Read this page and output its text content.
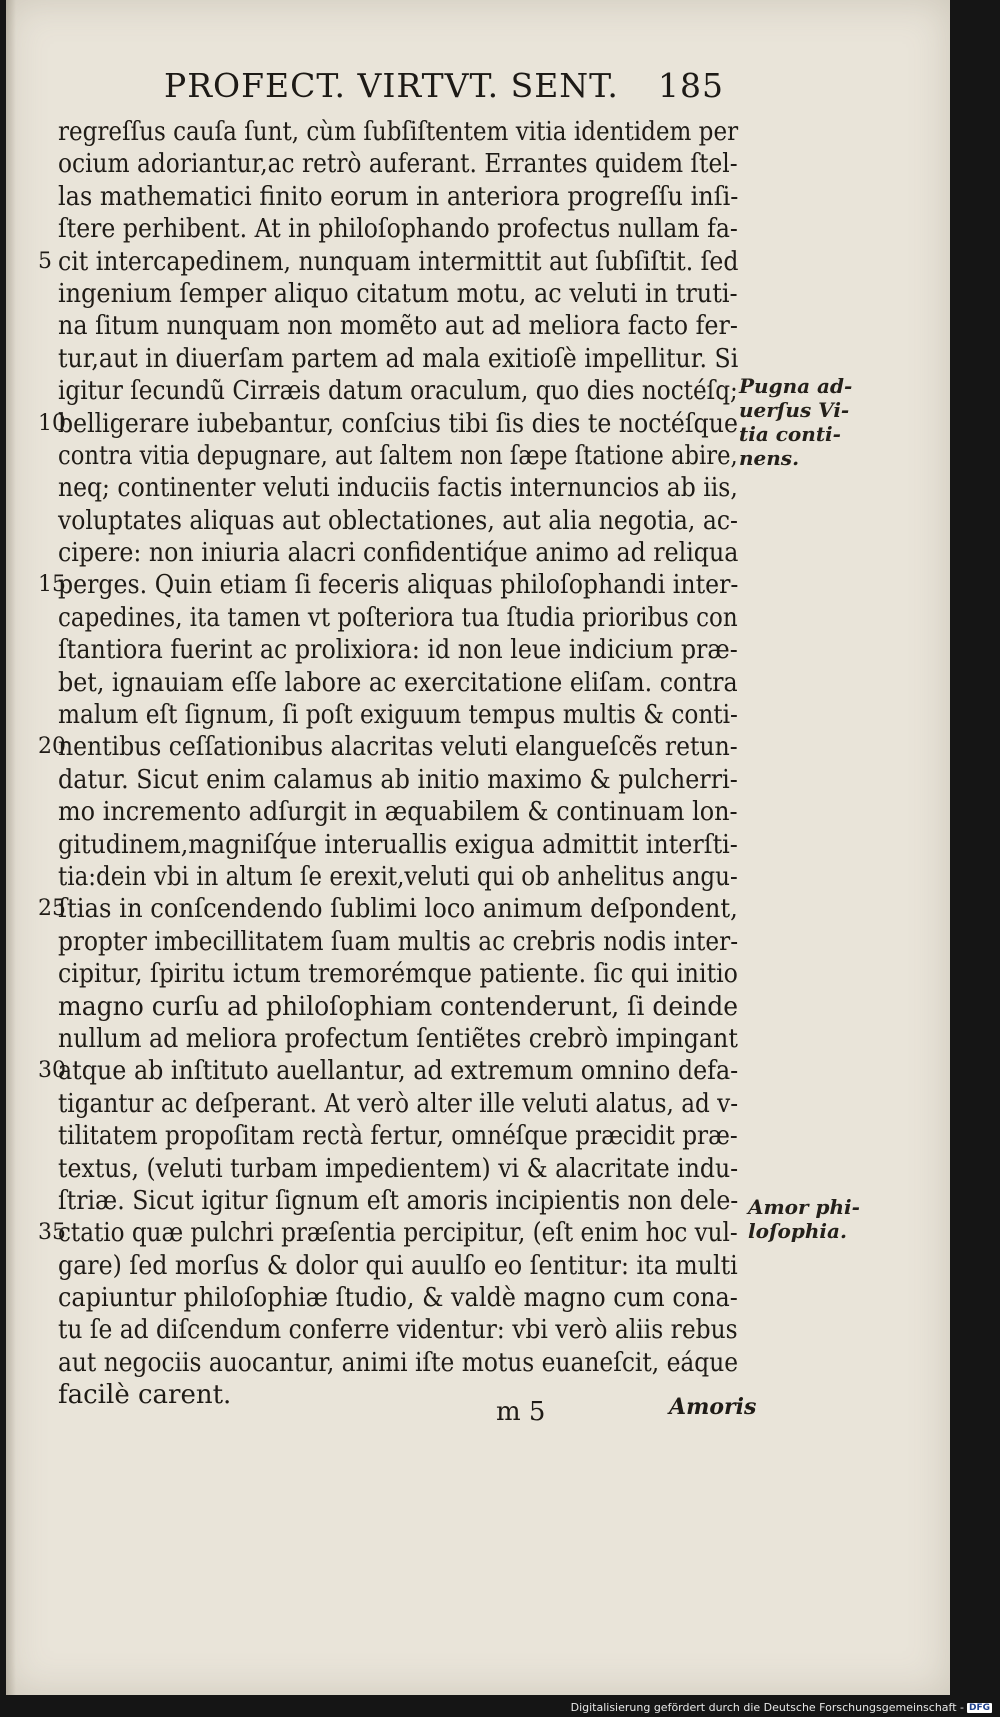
PROFECT. VIRTVT. SENT. 185
regreſſus cauſa ſunt, cùm ſubſiſtentem vitia identidem per
ocium adoriantur,ac retrò auferant. Errantes quidem ſtel-
las mathematici finito eorum in anteriora progreſſu inſi-
ſtere perhibent. At in philoſophando profectus nullam fa-
5 cit intercapedinem, nunquam intermittit aut ſubſiſtit. ſed
ingenium ſemper aliquo citatum motu, ac veluti in truti-
na ſitum nunquam non momẽto aut ad meliora facto fer-
tur,aut in diuerſam partem ad mala exitioſè impellitur. Si
igitur ſecundũ Cirræis datum oraculum, quo dies noctéſq;
10
belligerare iubebantur, conſcius tibi ſis dies te noctéſque
contra vitia depugnare, aut ſaltem non ſæpe ſtatione abire,
neq; continenter veluti induciis factis internuncios ab iis,
voluptates aliquas aut oblectationes, aut alia negotia, ac-
cipere: non iniuria alacri confidentiq́ue animo ad reliqua
15
perges. Quin etiam ſi feceris aliquas philoſophandi inter-
capedines, ita tamen vt poſteriora tua ſtudia prioribus con
ſtantiora fuerint ac prolixiora: id non leue indicium præ-
bet, ignauiam eſſe labore ac exercitatione eliſam. contra
malum eſt ſignum, ſi poſt exiguum tempus multis & conti-
20
nentibus ceſſationibus alacritas veluti elangueſcẽs retun-
datur. Sicut enim calamus ab initio maximo & pulcherri-
mo incremento adſurgit in æquabilem & continuam lon-
gitudinem,magniſq́ue interuallis exigua admittit interſti-
tia:dein vbi in altum ſe erexit,veluti qui ob anhelitus angu-
25
ſtias in conſcendendo ſublimi loco animum deſpondent,
propter imbecillitatem ſuam multis ac crebris nodis inter-
cipitur, ſpiritu ictum tremorémque patiente. ſic qui initio
magno curſu ad philoſophiam contenderunt, ſi deinde
nullum ad meliora profectum ſentiẽtes crebrò impingant
30
atque ab inſtituto auellantur, ad extremum omnino defa-
tigantur ac deſperant. At verò alter ille veluti alatus, ad v-
tilitatem propoſitam rectà fertur, omnéſque præcidit præ-
textus, (veluti turbam impedientem) vi & alacritate indu-
ſtriæ. Sicut igitur ſignum eſt amoris incipientis non dele-
35
ctatio quæ pulchri præſentia percipitur, (eſt enim hoc vul-
gare) ſed morſus & dolor qui auulſo eo ſentitur: ita multi
capiuntur philoſophiæ ſtudio, & valdè magno cum cona-
tu ſe ad diſcendum conferre videntur: vbi verò aliis rebus
aut negociis auocantur, animi iſte motus euaneſcit, eáque
facilè carent.
Pugna ad-
uerſus Vi-
tia conti-
nens.
Amor phi-
loſophia.
m 5	Amoris
Digitalisierung gefördert durch die Deutsche Forschungsgemeinschaft - DFG
